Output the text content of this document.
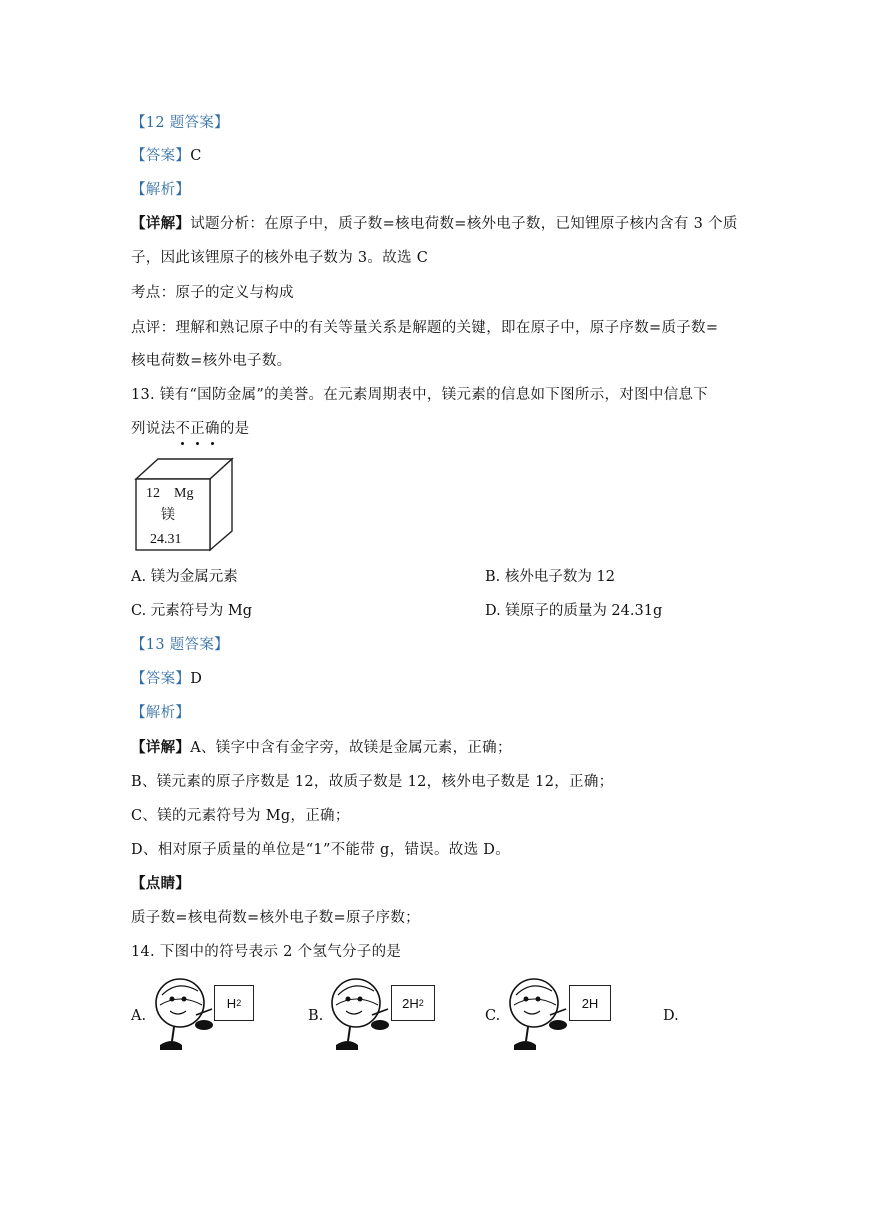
【12 题答案】
【答案】C
【解析】
【详解】试题分析：在原子中，质子数=核电荷数=核外电子数，已知锂原子核内含有 3 个质
子，因此该锂原子的核外电子数为 3。故选 C
考点：原子的定义与构成
点评：理解和熟记原子中的有关等量关系是解题的关键，即在原子中，原子序数=质子数=
核电荷数=核外电子数。
13. 镁有“国防金属”的美誉。在元素周期表中，镁元素的信息如下图所示，对图中信息下
列说法不正确的是
12 Mg
镁
24.31
A. 镁为金属元素	B. 核外电子数为 12
C. 元素符号为 Mg	D. 镁原子的质量为 24.31g
【13 题答案】
【答案】D
【解析】
【详解】A、镁字中含有金字旁，故镁是金属元素，正确；
B、镁元素的原子序数是 12，故质子数是 12，核外电子数是 12，正确；
C、镁的元素符号为 Mg，正确；
D、相对原子质量的单位是“1”不能带 g，错误。故选 D。
【点睛】
质子数=核电荷数=核外电子数=原子序数；
14. 下图中的符号表示 2 个氢气分子的是
A.
H 2
B.
2 H 2
C.
2 H
D.
